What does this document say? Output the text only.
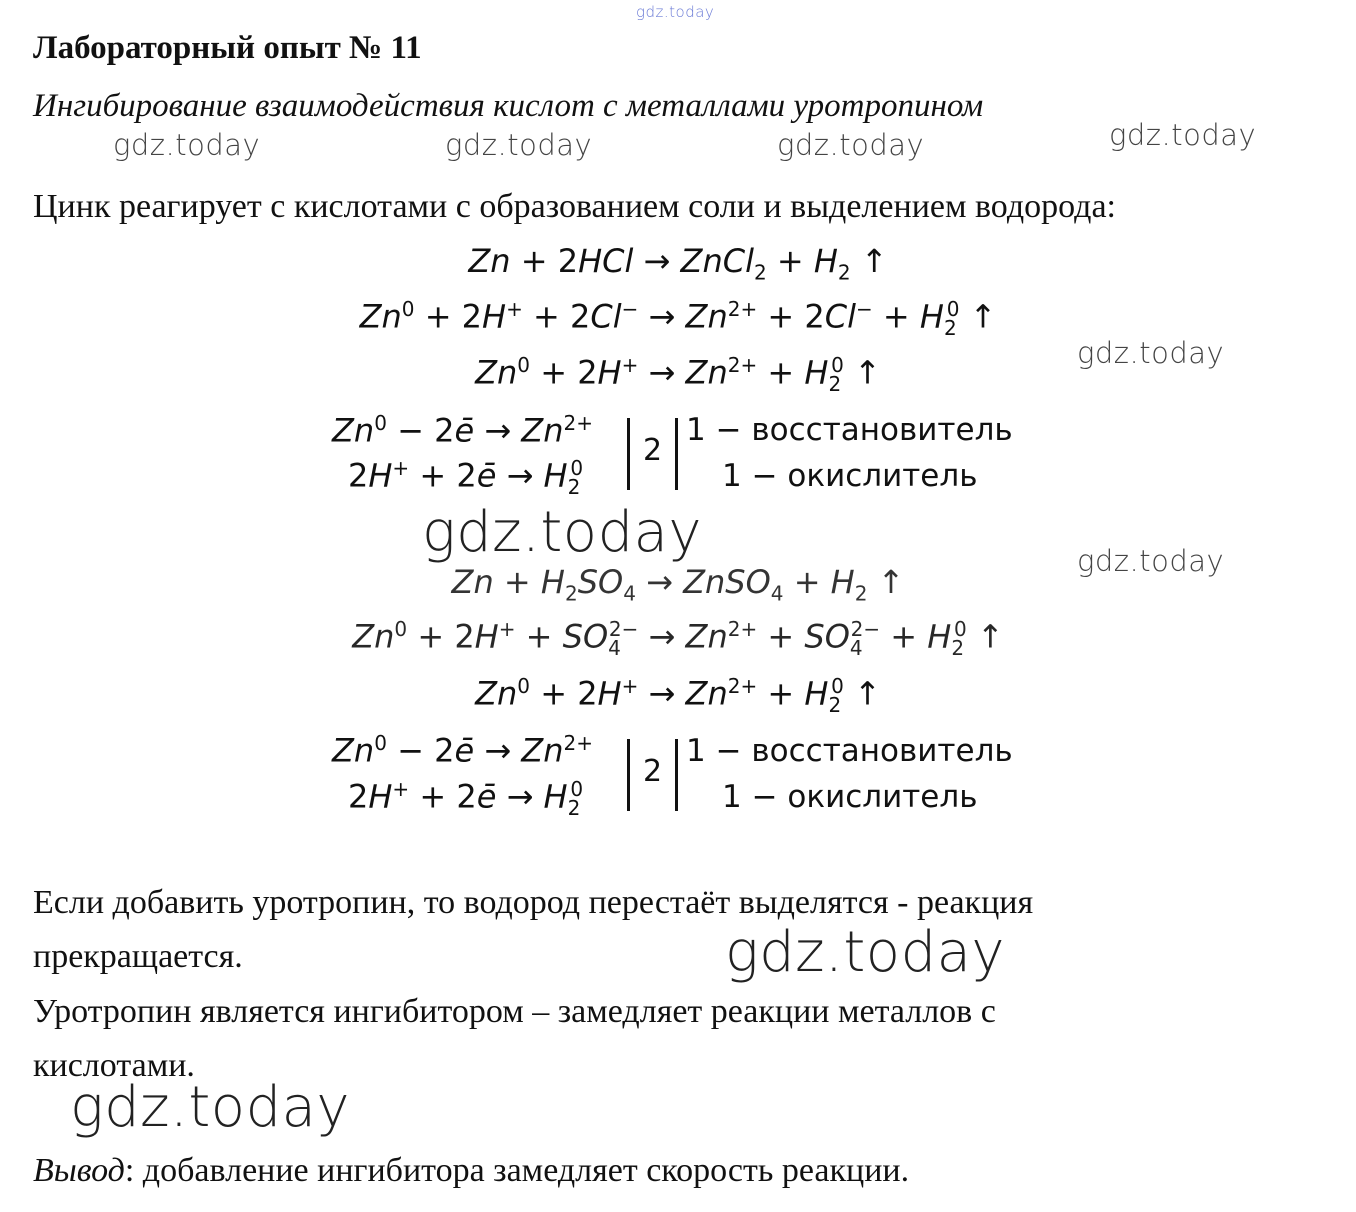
gdz.today
gdz.today	gdz.today	gdz.today	gdz.today
gdz.today
gdz.today
Лабораторный опыт № 11
Ингибирование взаимодействия кислот с металлами уротропином
Цинк реагирует с кислотами с образованием соли и выделением водорода:
Zn + 2HCl → ZnCl$_2$ + $H_2$ ↑
$Zn^0 + 2H^+ + 2Cl^- \to Zn^{2+} + 2Cl^- + H_2^0$ ↑
$Zn^0 + 2H^+ \to Zn^{2+} + H_2^0$ ↑
$Zn^0$ − 2ē → $Zn^{2+}$
2H+ + 2ē → $H_2^0$ 2
1 − восстановитель
1 − окислитель
gdz.today
$Zn + H_2SO_4$ → ZnSO$_4$ + $H_2$ ↑
$Zn^0 + 2H^+ + SO_4^{2-} \to Zn^{2+} + SO_4^{2-} + H_2^0$ ↑
$Zn^0 + 2H^+ \to Zn^{2+} + H_2^0$ ↑
$Zn^0$ − 2ē → $Zn^{2+}$
2H+ + 2ē → $H_2^0$ 2
1 − восстановитель
1 − окислитель
Если добавить уротропин, то водород перестаёт выделятся - реакция
прекращается.	gdz.today
Уротропин является ингибитором – замедляет реакции металлов с
кислотами.
gdz.today
Вывод: добавление ингибитора замедляет скорость реакции.
